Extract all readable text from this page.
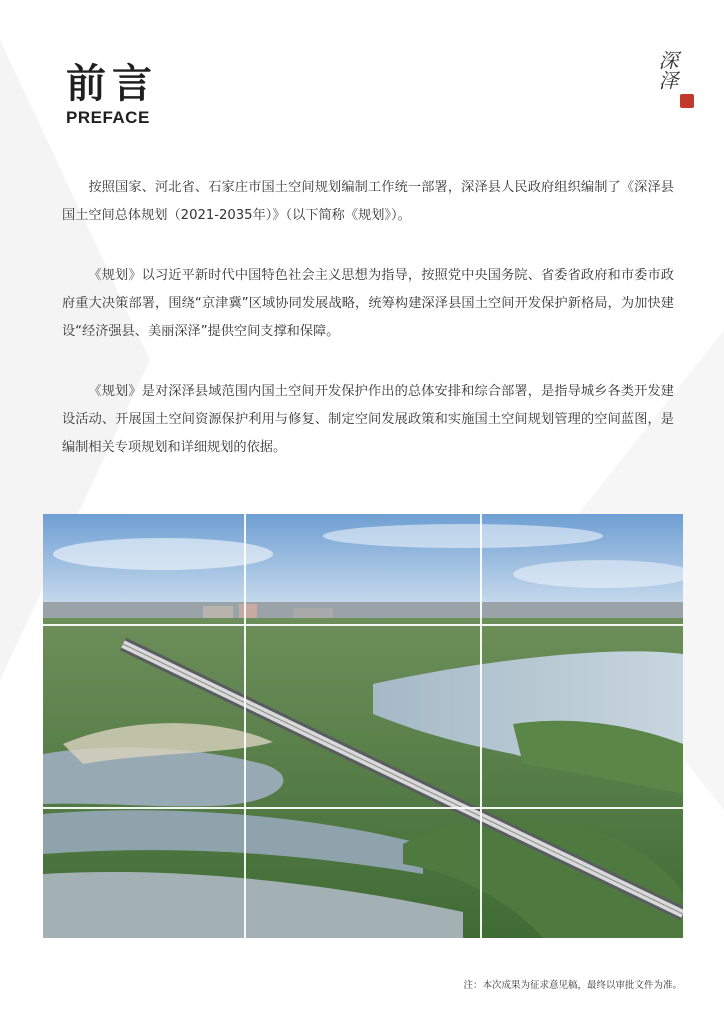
前言
PREFACE
深泽

按照国家、河北省、石家庄市国土空间规划编制工作统一部署，深泽县人民政府组织编制了《深泽县国土空间总体规划（2021-2035年）》（以下简称《规划》）。

《规划》以习近平新时代中国特色社会主义思想为指导，按照党中央国务院、省委省政府和市委市政府重大决策部署，围绕“京津冀”区域协同发展战略，统筹构建深泽县国土空间开发保护新格局，为加快建设“经济强县、美丽深泽”提供空间支撑和保障。

《规划》是对深泽县域范围内国土空间开发保护作出的总体安排和综合部署，是指导城乡各类开发建设活动、开展国土空间资源保护利用与修复、制定空间发展政策和实施国土空间规划管理的空间蓝图，是编制相关专项规划和详细规划的依据。

注：本次成果为征求意见稿，最终以审批文件为准。
